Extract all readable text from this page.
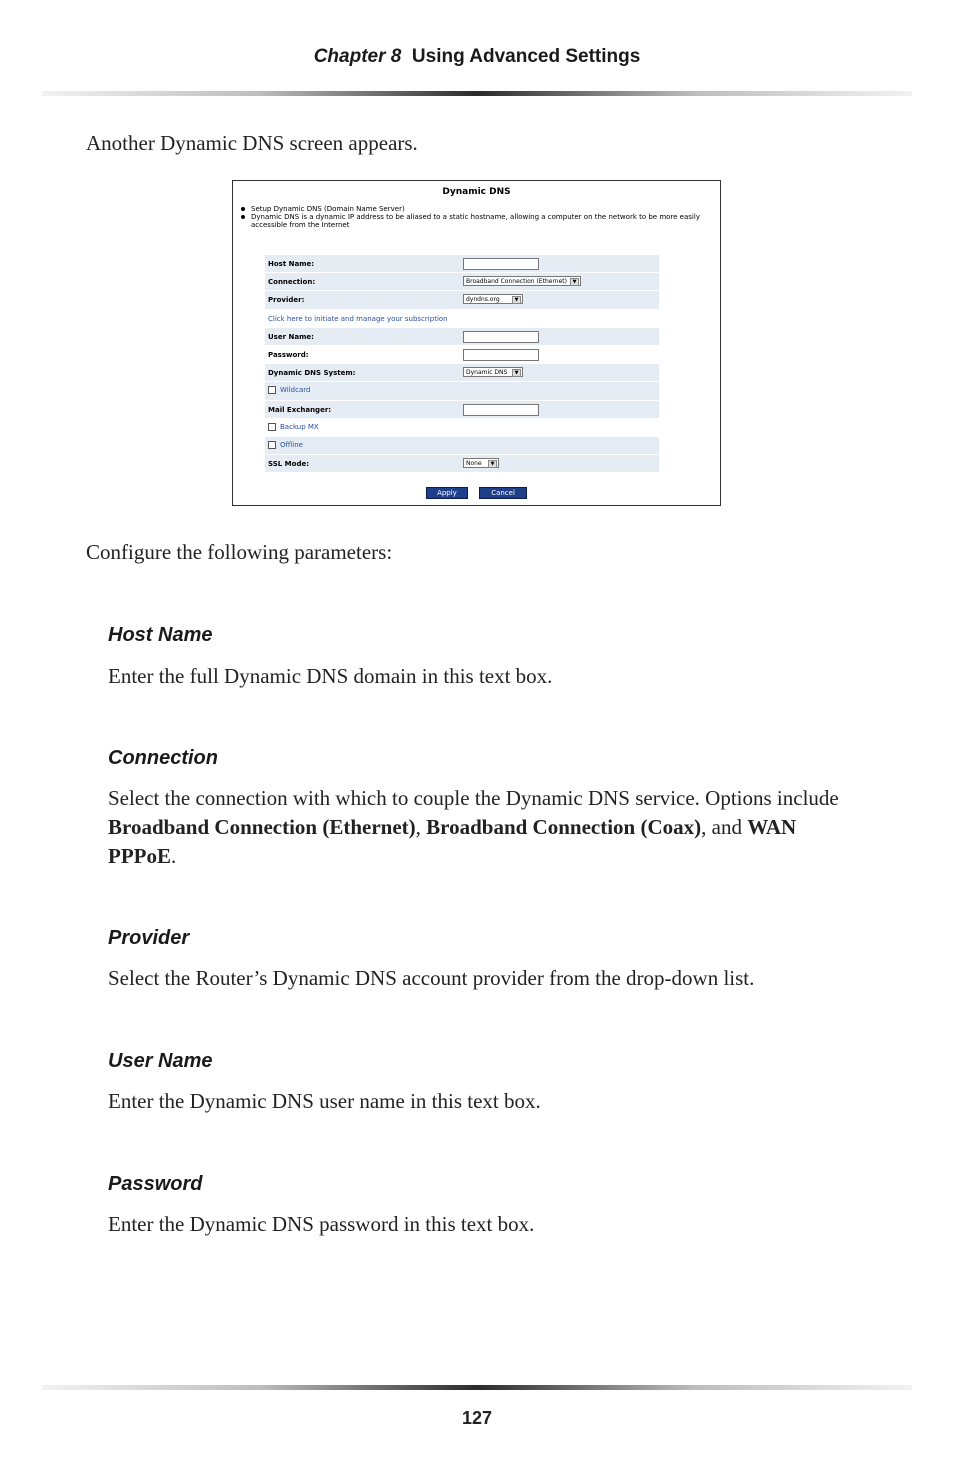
Chapter 8 Using Advanced Settings
Another Dynamic DNS screen appears.
Dynamic DNS
Setup Dynamic DNS (Domain Name Server)
Dynamic DNS is a dynamic IP address to be aliased to a static hostname, allowing a computer on the network to be more easily accessible from the Internet
Host Name:
Connection:	Broadband Connection (Ethernet)	▼
Provider:	dyndns.org	▼
Click here to initiate and manage your subscription
User Name:
Password:
Dynamic DNS System:	Dynamic DNS	▼
Wildcard
Mail Exchanger:
Backup MX
Offline
SSL Mode:	None	▼
Apply	Cancel
Configure the following parameters:
Host Name
Enter the full Dynamic DNS domain in this text box.
Connection
Select the connection with which to couple the Dynamic DNS service. Options include Broadband Connection (Ethernet), Broadband Connection (Coax), and WAN PPPoE.
Provider
Select the Router’s Dynamic DNS account provider from the drop-down list.
User Name
Enter the Dynamic DNS user name in this text box.
Password
Enter the Dynamic DNS password in this text box.
127
